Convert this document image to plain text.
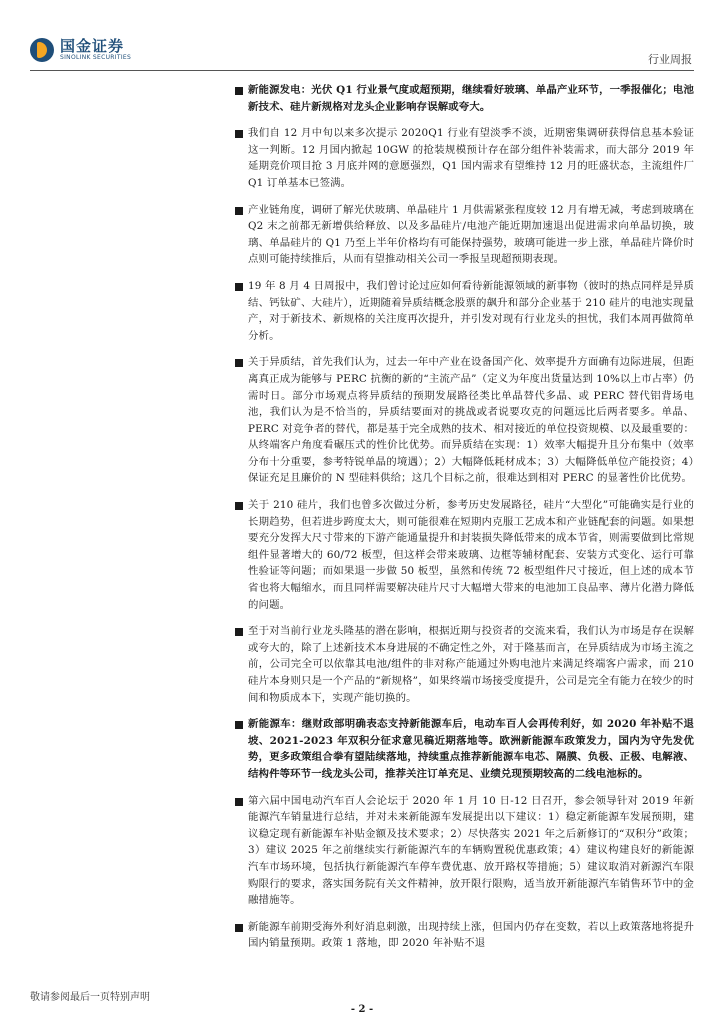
国金证券
SINOLINK SECURITIES	行业周报
新能源发电：光伏 Q1 行业景气度或超预期，继续看好玻璃、单晶产业环节，一季报催化；电池新技术、硅片新规格对龙头企业影响存误解或夸大。
我们自 12 月中旬以来多次提示 2020Q1 行业有望淡季不淡，近期密集调研获得信息基本验证这一判断。12 月国内掀起 10GW 的抢装规模预计存在部分组件补装需求，而大部分 2019 年延期竞价项目抢 3 月底并网的意愿强烈，Q1 国内需求有望维持 12 月的旺盛状态，主流组件厂 Q1 订单基本已签满。
产业链角度，调研了解光伏玻璃、单晶硅片 1 月供需紧张程度较 12 月有增无减，考虑到玻璃在 Q2 末之前都无新增供给释放、以及多晶硅片/电池产能近期加速退出促进需求向单晶切换，玻璃、单晶硅片的 Q1 乃至上半年价格均有可能保持强势，玻璃可能进一步上涨，单晶硅片降价时点则可能持续推后，从而有望推动相关公司一季报呈现超预期表现。
19 年 8 月 4 日周报中，我们曾讨论过应如何看待新能源领域的新事物（彼时的热点同样是异质结、钙钛矿、大硅片），近期随着异质结概念股票的飙升和部分企业基于 210 硅片的电池实现量产，对于新技术、新规格的关注度再次提升，并引发对现有行业龙头的担忧，我们本周再做简单分析。
关于异质结，首先我们认为，过去一年中产业在设备国产化、效率提升方面确有边际进展，但距离真正成为能够与 PERC 抗衡的新的“主流产品”（定义为年度出货量达到 10%以上市占率）仍需时日。部分市场观点将异质结的预期发展路径类比单晶替代多晶、或 PERC 替代铝背场电池，我们认为是不恰当的，异质结要面对的挑战或者说要攻克的问题远比后两者要多。单晶、PERC 对竞争者的替代，都是基于完全成熟的技术、相对接近的单位投资规模、以及最重要的：从终端客户角度看碾压式的性价比优势。而异质结在实现：1）效率大幅提升且分布集中（效率分布十分重要，参考特锐单晶的境遇）；2）大幅降低耗材成本；3）大幅降低单位产能投资；4）保证充足且廉价的 N 型硅料供给；这几个目标之前，很难达到相对 PERC 的显著性价比优势。
关于 210 硅片，我们也曾多次做过分析，参考历史发展路径，硅片“大型化”可能确实是行业的长期趋势，但若进步跨度太大，则可能很难在短期内克服工艺成本和产业链配套的问题。如果想要充分发挥大尺寸带来的下游产能通量提升和封装损失降低带来的成本节省，则需要做到比常规组件显著增大的 60/72 板型，但这样会带来玻璃、边框等辅材配套、安装方式变化、运行可靠性验证等问题；而如果退一步做 50 板型，虽然和传统 72 板型组件尺寸接近，但上述的成本节省也将大幅缩水，而且同样需要解决硅片尺寸大幅增大带来的电池加工良品率、薄片化潜力降低的问题。
至于对当前行业龙头隆基的潜在影响，根据近期与投资者的交流来看，我们认为市场是存在误解或夸大的，除了上述新技术本身进展的不确定性之外，对于隆基而言，在异质结成为市场主流之前，公司完全可以依靠其电池/组件的非对称产能通过外购电池片来满足终端客户需求，而 210 硅片本身则只是一个产品的“新规格”，如果终端市场接受度提升，公司是完全有能力在较少的时间和物质成本下，实现产能切换的。
新能源车：继财政部明确表态支持新能源车后，电动车百人会再传利好，如 2020 年补贴不退坡、2021-2023 年双积分征求意见稿近期落地等。欧洲新能源车政策发力，国内为守先发优势，更多政策组合拳有望陆续落地，持续重点推荐新能源车电芯、隔膜、负极、正极、电解液、结构件等环节一线龙头公司，推荐关注订单充足、业绩兑现预期较高的二线电池标的。
第六届中国电动汽车百人会论坛于 2020 年 1 月 10 日-12 日召开，参会领导针对 2019 年新能源汽车销量进行总结，并对未来新能源车发展提出以下建议：1）稳定新能源车发展预期，建议稳定现有新能源车补贴金额及技术要求；2）尽快落实 2021 年之后新修订的“双积分”政策；3）建议 2025 年之前继续实行新能源汽车的车辆购置税优惠政策；4）建议构建良好的新能源汽车市场环境，包括执行新能源汽车停车费优惠、放开路权等措施；5）建议取消对新源汽车限购限行的要求，落实国务院有关文件精神，放开限行限购，适当放开新能源汽车销售环节中的金融措施等。
新能源车前期受海外利好消息刺激，出现持续上涨，但国内仍存在变数，若以上政策落地将提升国内销量预期。政策 1 落地，即 2020 年补贴不退
敬请参阅最后一页特别声明
- 2 -
